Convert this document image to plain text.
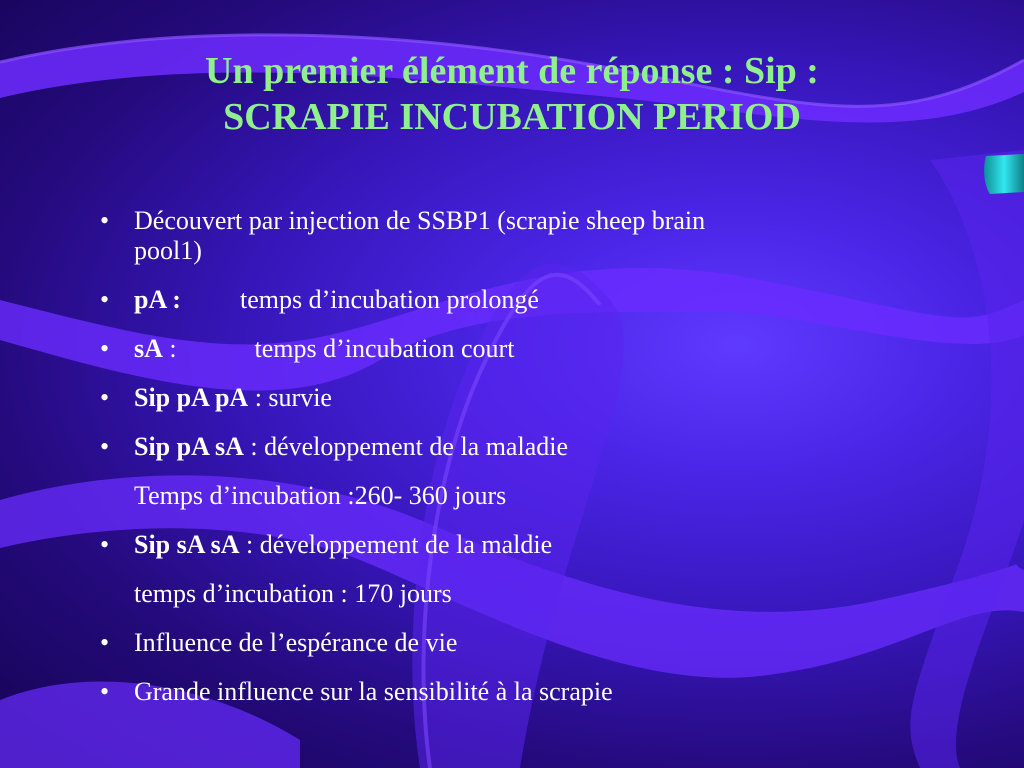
Un premier élément de réponse : Sip :
SCRAPIE INCUBATION PERIOD
• Découvert par injection de SSBP1 (scrapie sheep brain
pool1)
• pA : temps d’incubation prolongé
• sA :	temps d’incubation court
• Sip pA pA : survie
• Sip pA sA : développement de la maladie
Temps d’incubation :260- 360 jours
• Sip sA sA : développement de la maldie
temps d’incubation : 170 jours
• Influence de l’espérance de vie
• Grande influence sur la sensibilité à la scrapie
